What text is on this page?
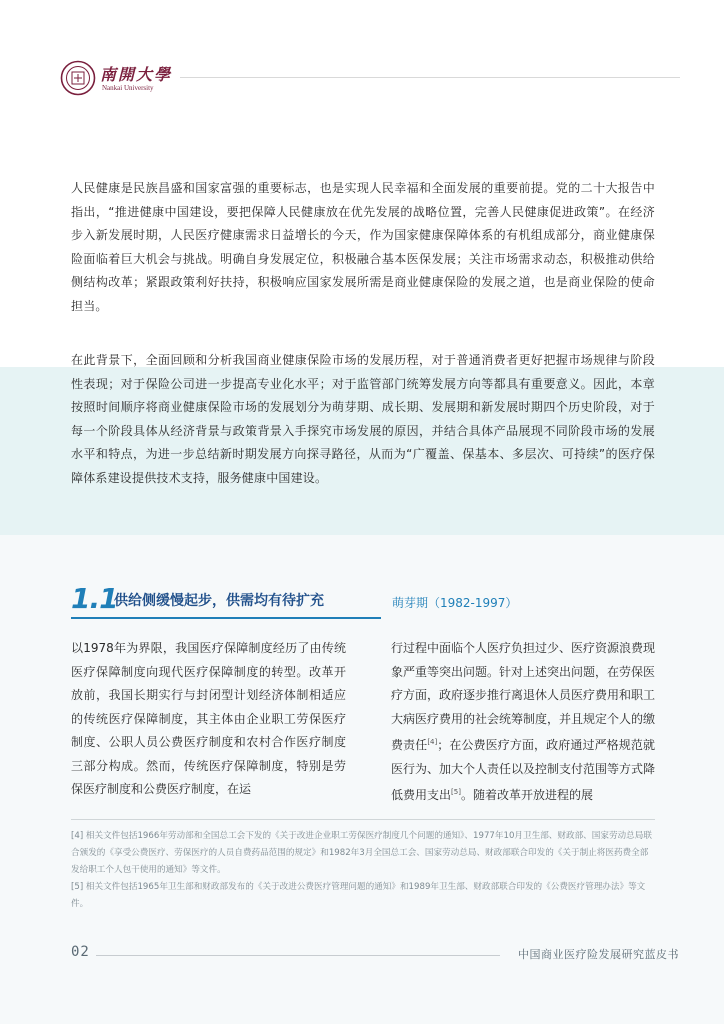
南開大學
Nankai University
人民健康是民族昌盛和国家富强的重要标志，也是实现人民幸福和全面发展的重要前提。党的二十大报告中指出，“推进健康中国建设，要把保障人民健康放在优先发展的战略位置，完善人民健康促进政策”。在经济步入新发展时期，人民医疗健康需求日益增长的今天，作为国家健康保障体系的有机组成部分，商业健康保险面临着巨大机会与挑战。明确自身发展定位，积极融合基本医保发展；关注市场需求动态，积极推动供给侧结构改革；紧跟政策利好扶持，积极响应国家发展所需是商业健康保险的发展之道，也是商业保险的使命担当。
在此背景下，全面回顾和分析我国商业健康保险市场的发展历程，对于普通消费者更好把握市场规律与阶段性表现；对于保险公司进一步提高专业化水平；对于监管部门统筹发展方向等都具有重要意义。因此，本章按照时间顺序将商业健康保险市场的发展划分为萌芽期、成长期、发展期和新发展时期四个历史阶段，对于每一个阶段具体从经济背景与政策背景入手探究市场发展的原因，并结合具体产品展现不同阶段市场的发展水平和特点，为进一步总结新时期发展方向探寻路径，从而为“广覆盖、保基本、多层次、可持续”的医疗保障体系建设提供技术支持，服务健康中国建设。
1.1
供给侧缓慢起步，供需均有待扩充	萌芽期（1982-1997）
以1978年为界限，我国医疗保障制度经历了由传统医疗保障制度向现代医疗保障制度的转型。改革开放前，我国长期实行与封闭型计划经济体制相适应的传统医疗保障制度，其主体由企业职工劳保医疗制度、公职人员公费医疗制度和农村合作医疗制度三部分构成。然而，传统医疗保障制度，特别是劳保医疗制度和公费医疗制度，在运
行过程中面临个人医疗负担过少、医疗资源浪费现象严重等突出问题。针对上述突出问题，在劳保医疗方面，政府逐步推行离退休人员医疗费用和职工大病医疗费用的社会统筹制度，并且规定个人的缴费责任[4]；在公费医疗方面，政府通过严格规范就医行为、加大个人责任以及控制支付范围等方式降低费用支出[5]。随着改革开放进程的展

[4] 相关文件包括1966年劳动部和全国总工会下发的《关于改进企业职工劳保医疗制度几个问题的通知》、1977年10月卫生部、财政部、国家劳动总局联合颁发的《享受公费医疗、劳保医疗的人员自费药品范围的规定》和1982年3月全国总工会、国家劳动总局、财政部联合印发的《关于制止将医药费全部发给职工个人包干使用的通知》等文件。

[5] 相关文件包括1965年卫生部和财政部发布的《关于改进公费医疗管理问题的通知》和1989年卫生部、财政部联合印发的《公费医疗管理办法》等文件。

02	中国商业医疗险发展研究蓝皮书
